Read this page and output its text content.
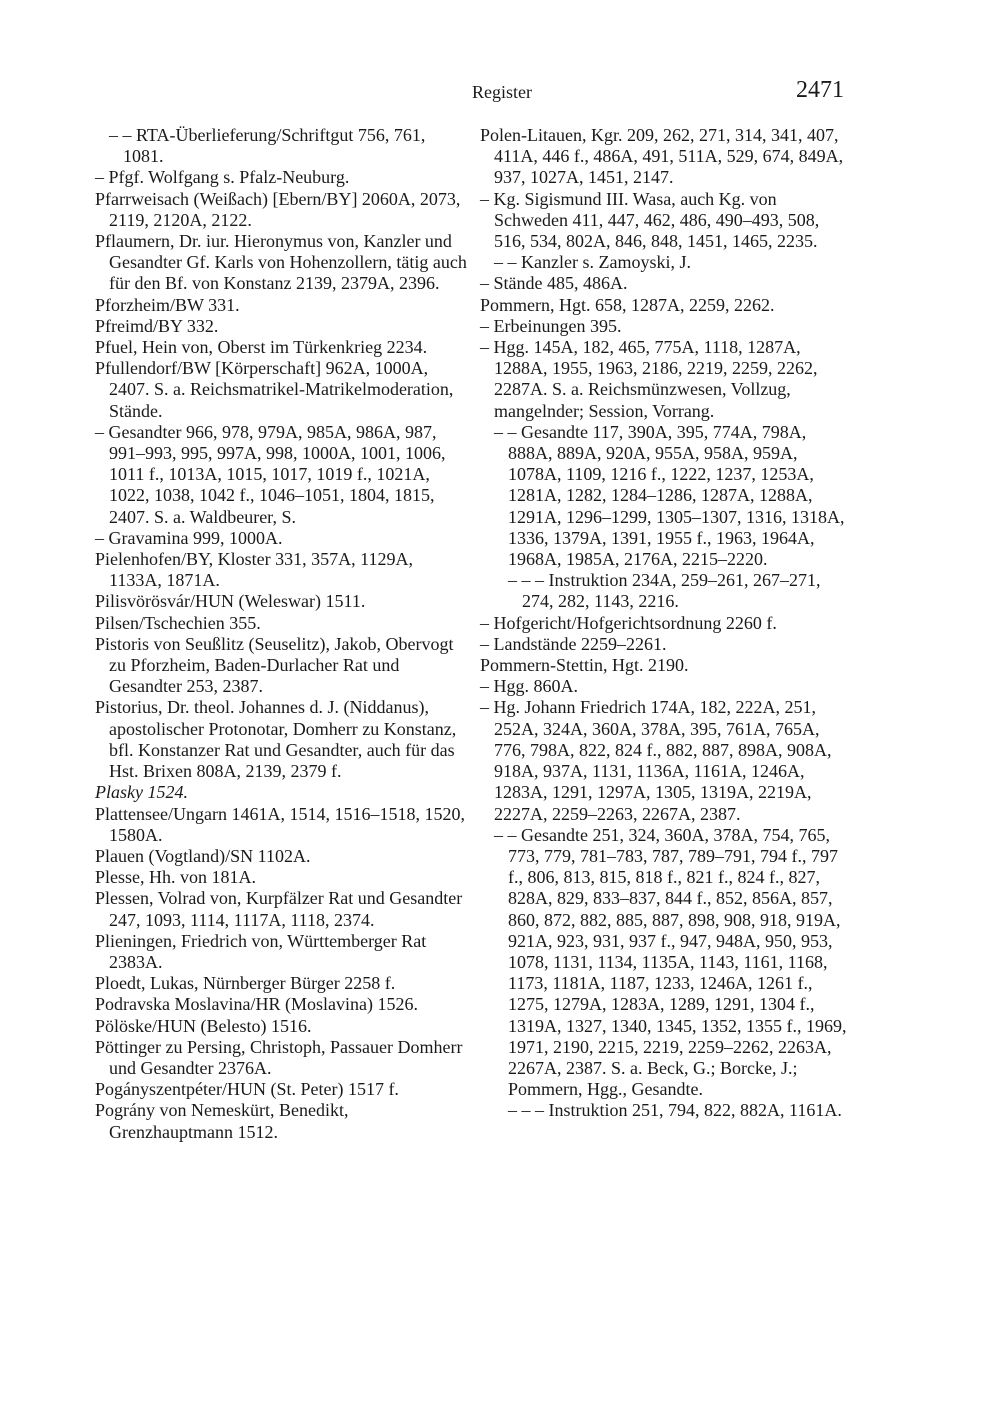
Register	2471

– – RTA-Überlieferung/Schriftgut 756, 761, 1081.

– Pfgf. Wolfgang s. Pfalz-Neuburg.

Pfarrweisach (Weißach) [Ebern/BY] 2060A, 2073, 2119, 2120A, 2122.

Pflaumern, Dr. iur. Hieronymus von, Kanzler und Gesandter Gf. Karls von Hohenzollern, tätig auch für den Bf. von Konstanz 2139, 2379A, 2396.

Pforzheim/BW 331.

Pfreimd/BY 332.

Pfuel, Hein von, Oberst im Türkenkrieg 2234.

Pfullendorf/BW [Körperschaft] 962A, 1000A, 2407. S. a. Reichsmatrikel-Matrikelmoderation, Stände.

– Gesandter 966, 978, 979A, 985A, 986A, 987, 991–993, 995, 997A, 998, 1000A, 1001, 1006, 1011 f., 1013A, 1015, 1017, 1019 f., 1021A, 1022, 1038, 1042 f., 1046–1051, 1804, 1815, 2407. S. a. Waldbeurer, S.

– Gravamina 999, 1000A.

Pielenhofen/BY, Kloster 331, 357A, 1129A, 1133A, 1871A.

Pilisvörösvár/HUN (Weleswar) 1511.

Pilsen/Tschechien 355.

Pistoris von Seußlitz (Seuselitz), Jakob, Obervogt zu Pforzheim, Baden-Durlacher Rat und Gesandter 253, 2387.

Pistorius, Dr. theol. Johannes d. J. (Niddanus), apostolischer Protonotar, Domherr zu Konstanz, bfl. Konstanzer Rat und Gesandter, auch für das Hst. Brixen 808A, 2139, 2379 f.

Plasky 1524.

Plattensee/Ungarn 1461A, 1514, 1516–1518, 1520, 1580A.

Plauen (Vogtland)/SN 1102A.

Plesse, Hh. von 181A.

Plessen, Volrad von, Kurpfälzer Rat und Gesandter 247, 1093, 1114, 1117A, 1118, 2374.

Plieningen, Friedrich von, Württemberger Rat 2383A.

Ploedt, Lukas, Nürnberger Bürger 2258 f.

Podravska Moslavina/HR (Moslavina) 1526.

Pölöske/HUN (Belesto) 1516.

Pöttinger zu Persing, Christoph, Passauer Domherr und Gesandter 2376A.

Pogányszentpéter/HUN (St. Peter) 1517 f.

Pográny von Nemeskürt, Benedikt, Grenzhauptmann 1512.

Polen-Litauen, Kgr. 209, 262, 271, 314, 341, 407, 411A, 446 f., 486A, 491, 511A, 529, 674, 849A, 937, 1027A, 1451, 2147.

– Kg. Sigismund III. Wasa, auch Kg. von Schweden 411, 447, 462, 486, 490–493, 508, 516, 534, 802A, 846, 848, 1451, 1465, 2235.

– – Kanzler s. Zamoyski, J.

– Stände 485, 486A.

Pommern, Hgt. 658, 1287A, 2259, 2262.

– Erbeinungen 395.

– Hgg. 145A, 182, 465, 775A, 1118, 1287A, 1288A, 1955, 1963, 2186, 2219, 2259, 2262, 2287A. S. a. Reichsmünzwesen, Vollzug, mangelnder; Session, Vorrang.

– – Gesandte 117, 390A, 395, 774A, 798A, 888A, 889A, 920A, 955A, 958A, 959A, 1078A, 1109, 1216 f., 1222, 1237, 1253A, 1281A, 1282, 1284–1286, 1287A, 1288A, 1291A, 1296–1299, 1305–1307, 1316, 1318A, 1336, 1379A, 1391, 1955 f., 1963, 1964A, 1968A, 1985A, 2176A, 2215–2220.

– – – Instruktion 234A, 259–261, 267–271, 274, 282, 1143, 2216.

– Hofgericht/Hofgerichtsordnung 2260 f.

– Landstände 2259–2261.

Pommern-Stettin, Hgt. 2190.

– Hgg. 860A.

– Hg. Johann Friedrich 174A, 182, 222A, 251, 252A, 324A, 360A, 378A, 395, 761A, 765A, 776, 798A, 822, 824 f., 882, 887, 898A, 908A, 918A, 937A, 1131, 1136A, 1161A, 1246A, 1283A, 1291, 1297A, 1305, 1319A, 2219A, 2227A, 2259–2263, 2267A, 2387.

– – Gesandte 251, 324, 360A, 378A, 754, 765, 773, 779, 781–783, 787, 789–791, 794 f., 797 f., 806, 813, 815, 818 f., 821 f., 824 f., 827, 828A, 829, 833–837, 844 f., 852, 856A, 857, 860, 872, 882, 885, 887, 898, 908, 918, 919A, 921A, 923, 931, 937 f., 947, 948A, 950, 953, 1078, 1131, 1134, 1135A, 1143, 1161, 1168, 1173, 1181A, 1187, 1233, 1246A, 1261 f., 1275, 1279A, 1283A, 1289, 1291, 1304 f., 1319A, 1327, 1340, 1345, 1352, 1355 f., 1969, 1971, 2190, 2215, 2219, 2259–2262, 2263A, 2267A, 2387. S. a. Beck, G.; Borcke, J.; Pommern, Hgg., Gesandte.

– – – Instruktion 251, 794, 822, 882A, 1161A.
